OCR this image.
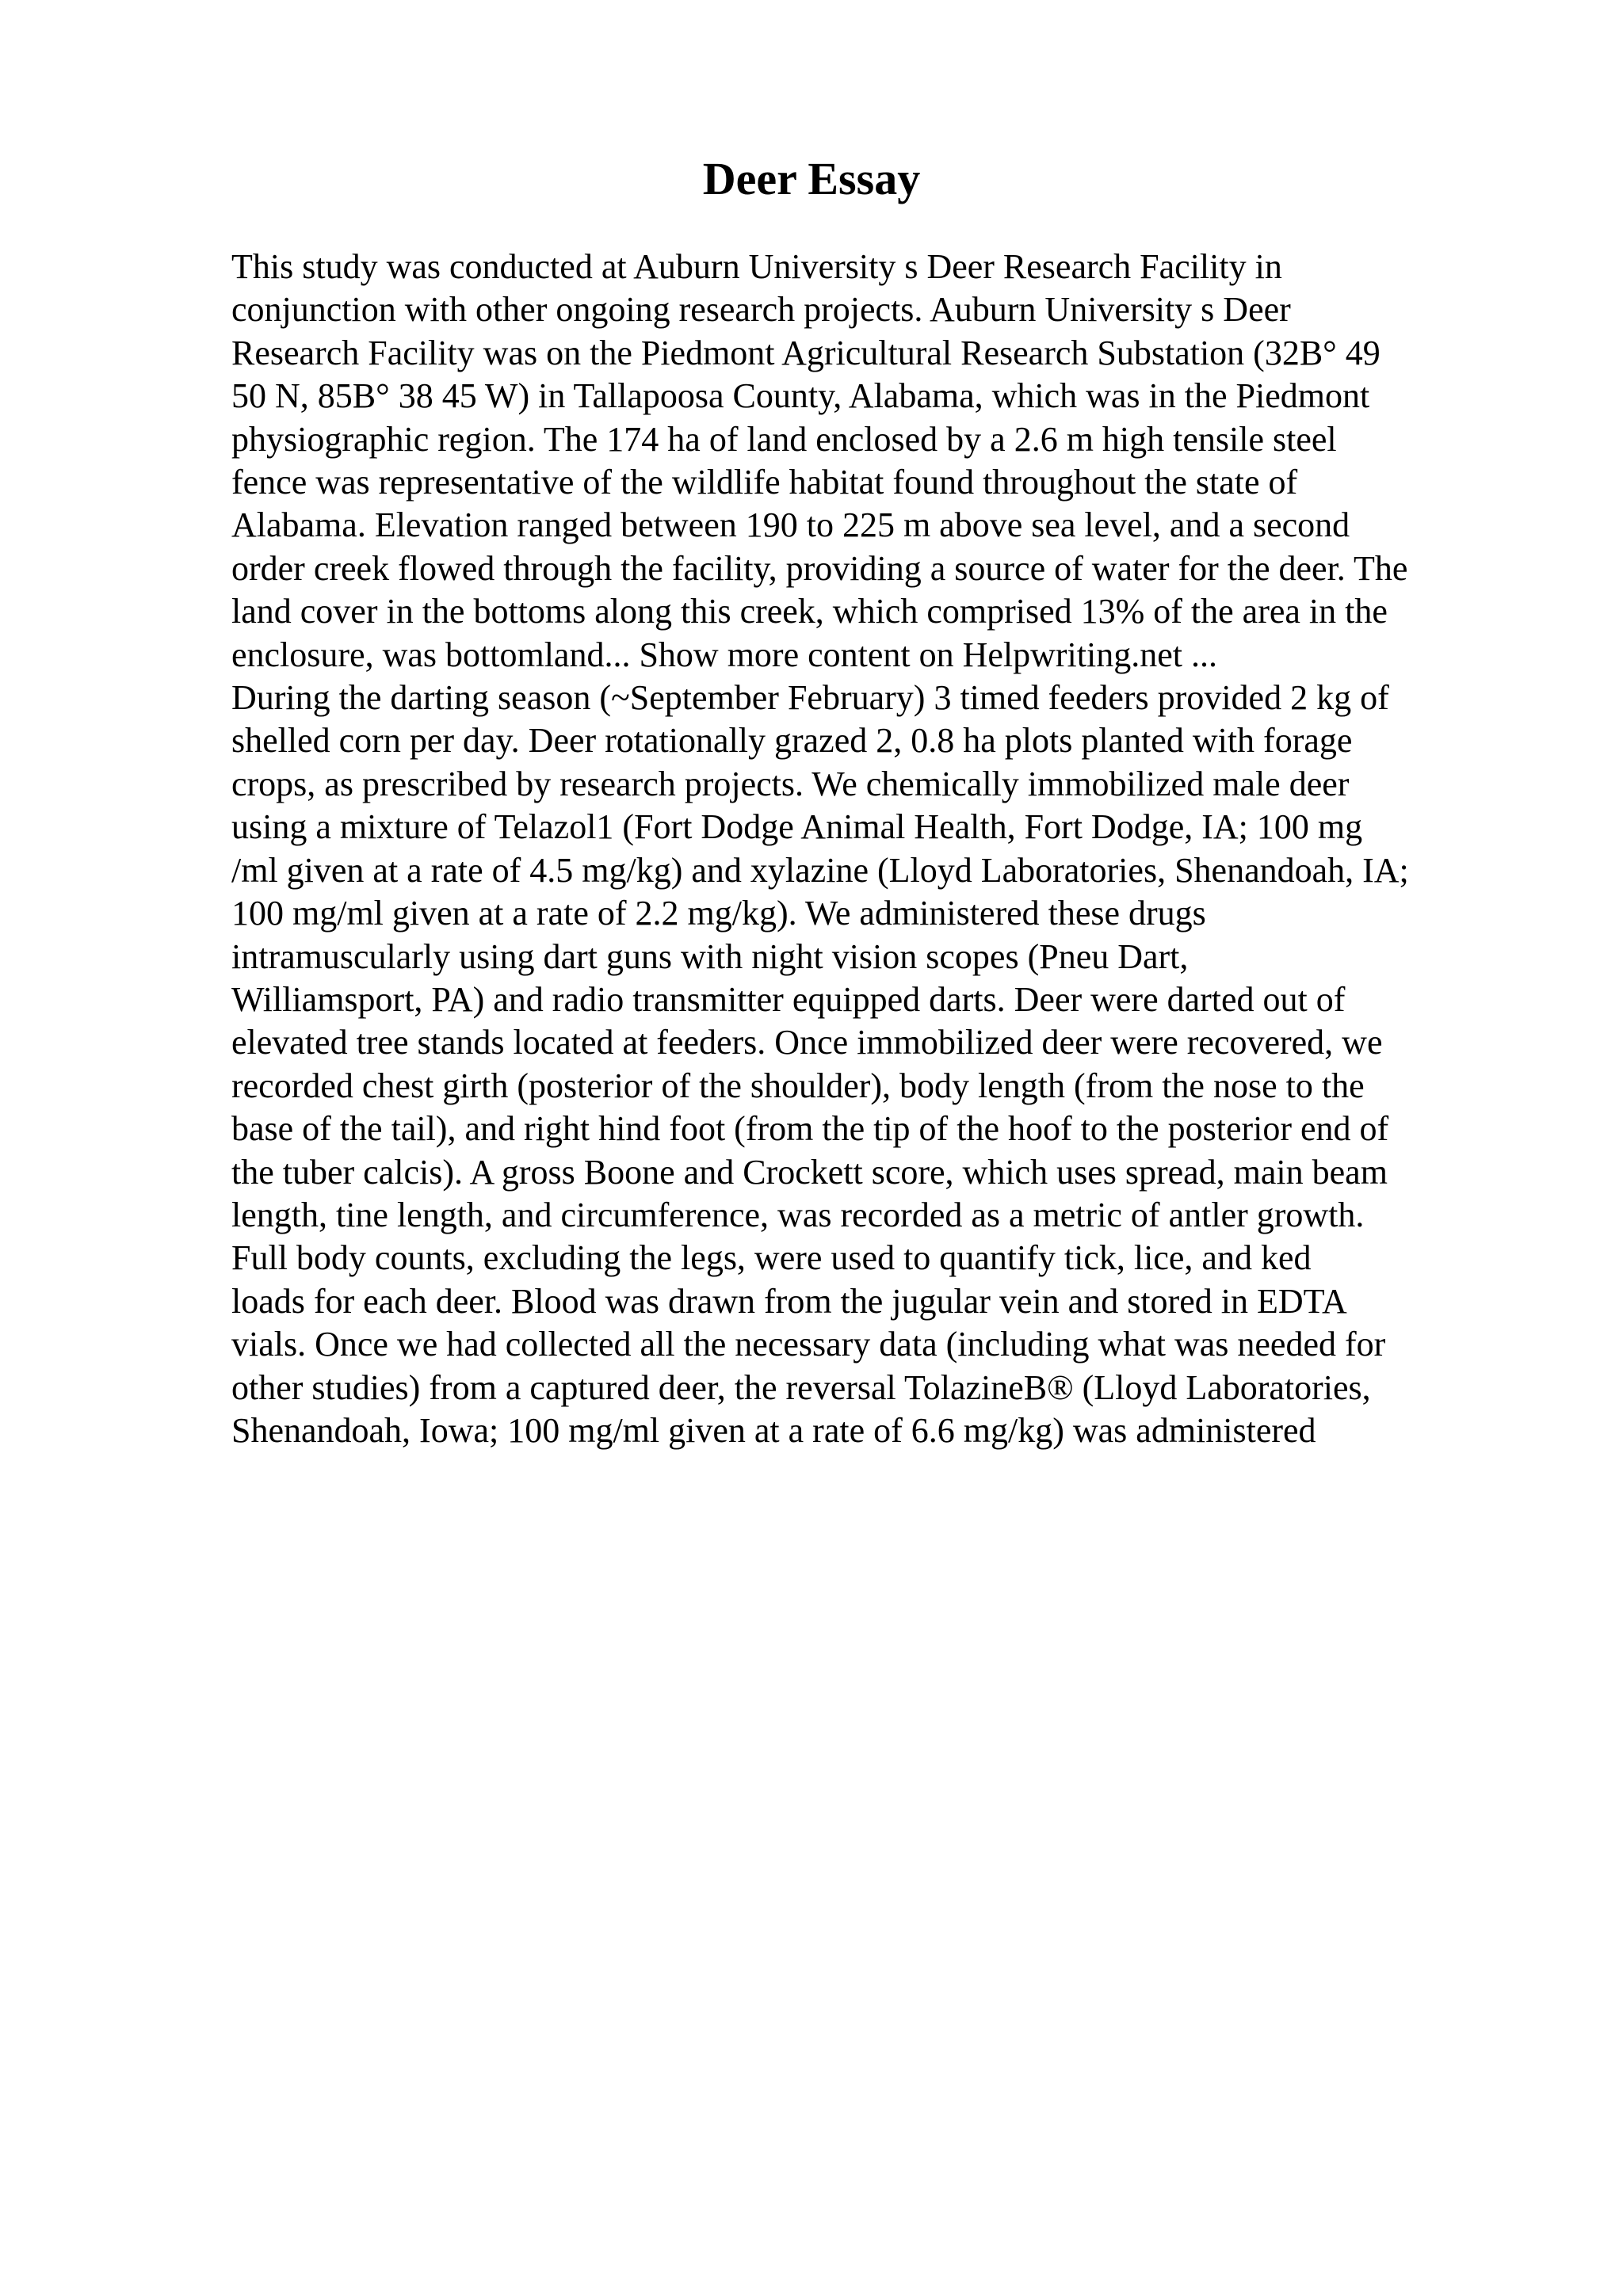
Deer Essay
This study was conducted at Auburn University s Deer Research Facility in
conjunction with other ongoing research projects. Auburn University s Deer
Research Facility was on the Piedmont Agricultural Research Substation (32B° 49
50 N, 85B° 38 45 W) in Tallapoosa County, Alabama, which was in the Piedmont
physiographic region. The 174 ha of land enclosed by a 2.6 m high tensile steel
fence was representative of the wildlife habitat found throughout the state of
Alabama. Elevation ranged between 190 to 225 m above sea level, and a second
order creek flowed through the facility, providing a source of water for the deer. The
land cover in the bottoms along this creek, which comprised 13% of the area in the
enclosure, was bottomland... Show more content on Helpwriting.net ...
During the darting season (~September February) 3 timed feeders provided 2 kg of
shelled corn per day. Deer rotationally grazed 2, 0.8 ha plots planted with forage
crops, as prescribed by research projects. We chemically immobilized male deer
using a mixture of Telazol1 (Fort Dodge Animal Health, Fort Dodge, IA; 100 mg
/ml given at a rate of 4.5 mg/kg) and xylazine (Lloyd Laboratories, Shenandoah, IA;
100 mg/ml given at a rate of 2.2 mg/kg). We administered these drugs
intramuscularly using dart guns with night vision scopes (Pneu Dart,
Williamsport, PA) and radio transmitter equipped darts. Deer were darted out of
elevated tree stands located at feeders. Once immobilized deer were recovered, we
recorded chest girth (posterior of the shoulder), body length (from the nose to the
base of the tail), and right hind foot (from the tip of the hoof to the posterior end of
the tuber calcis). A gross Boone and Crockett score, which uses spread, main beam
length, tine length, and circumference, was recorded as a metric of antler growth.
Full body counts, excluding the legs, were used to quantify tick, lice, and ked
loads for each deer. Blood was drawn from the jugular vein and stored in EDTA
vials. Once we had collected all the necessary data (including what was needed for
other studies) from a captured deer, the reversal TolazineB® (Lloyd Laboratories,
Shenandoah, Iowa; 100 mg/ml given at a rate of 6.6 mg/kg) was administered
